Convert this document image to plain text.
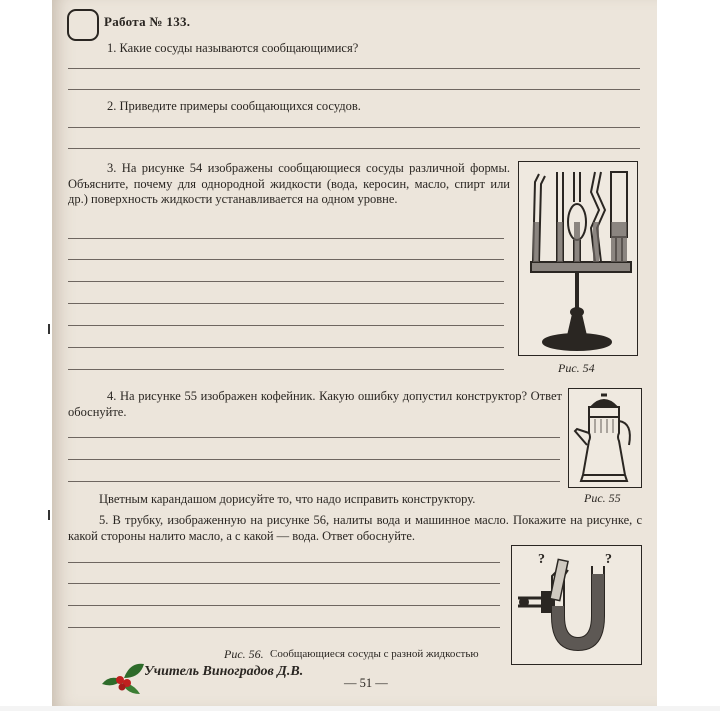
Работа № 133.
1. Какие сосуды называются сообщающимися?
2. Приведите примеры сообщающихся сосудов.
3. На рисунке 54 изображены сообщающиеся сосуды различной формы. Объясните, почему для однородной жидкости (вода, керосин, масло, спирт или др.) поверхность жидкости устанавливается на одном уровне.
Рис. 54
4. На рисунке 55 изображен кофейник. Какую ошибку допустил конструктор? Ответ обоснуйте.
Цветным карандашом дорисуйте то, что надо исправить конструктору.	Рис. 55
5. В трубку, изображенную на рисунке 56, налиты вода и машинное масло. Покажите на рисунке, с какой стороны налито масло, а с какой — вода. Ответ обоснуйте.
?	?
Рис. 56. Сообщающиеся сосуды с разной жидкостью
Учитель Виноградов Д.В.
— 51 —
